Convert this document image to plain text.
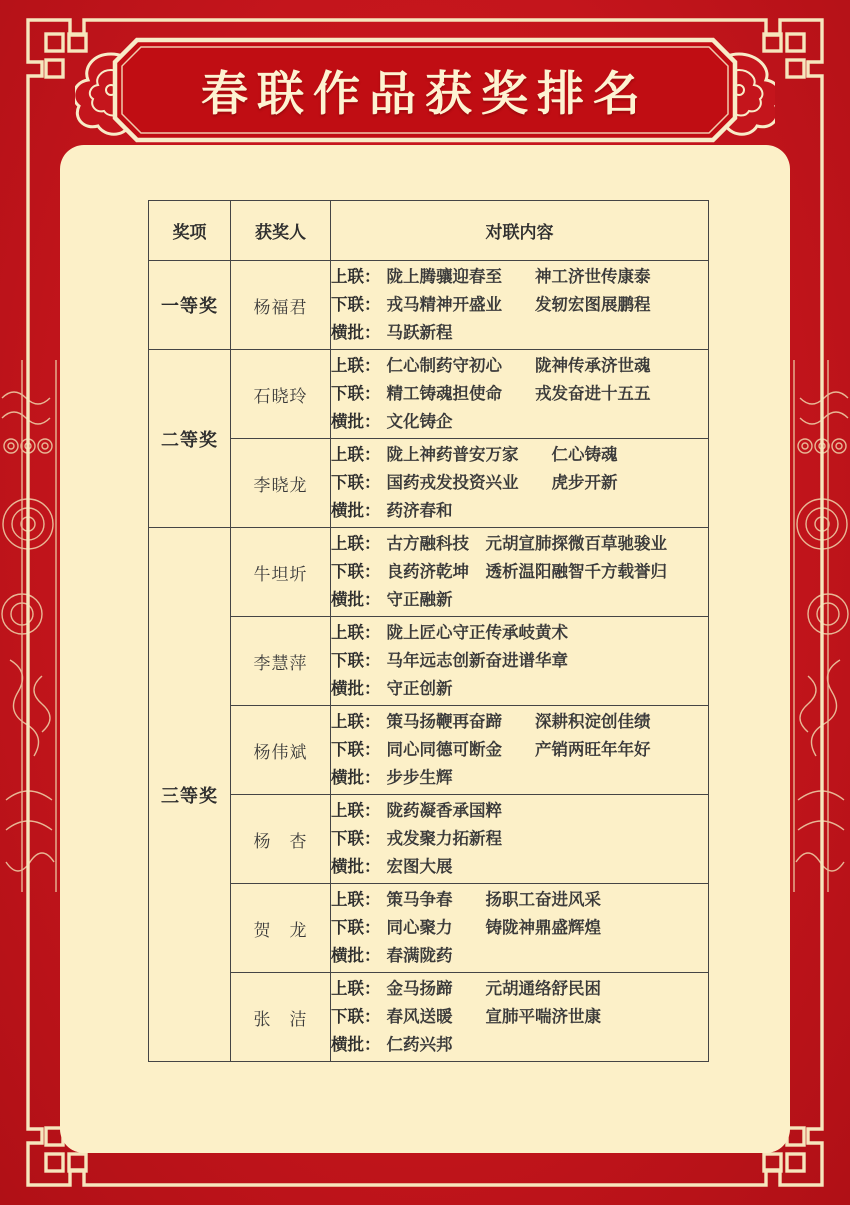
春联作品获奖排名
奖项	获奖人	对联内容
一等奖	杨福君	上联： 陇上腾骧迎春至　　神工济世传康泰
下联： 戎马精神开盛业　　发轫宏图展鹏程
横批： 马跃新程

二等奖	石晓玲	上联： 仁心制药守初心　　陇神传承济世魂
下联： 精工铸魂担使命　　戎发奋进十五五
横批： 文化铸企

	李晓龙	上联： 陇上神药普安万家　　仁心铸魂
下联： 国药戎发投资兴业　　虎步开新
横批： 药济春和

三等奖	牛坦圻	上联： 古方融科技　元胡宣肺探微百草驰骏业
下联： 良药济乾坤　透析温阳融智千方载誉归
横批： 守正融新

	李慧萍	上联： 陇上匠心守正传承岐黄术
下联： 马年远志创新奋进谱华章
横批： 守正创新

	杨伟斌	上联： 策马扬鞭再奋蹄　　深耕积淀创佳绩
下联： 同心同德可断金　　产销两旺年年好
横批： 步步生辉

	杨　杏	上联： 陇药凝香承国粹
下联： 戎发聚力拓新程
横批： 宏图大展

	贺　龙	上联： 策马争春　　扬职工奋进风采
下联： 同心聚力　　铸陇神鼎盛辉煌
横批： 春满陇药

	张　洁	上联： 金马扬蹄　　元胡通络舒民困
下联： 春风送暖　　宣肺平喘济世康
横批： 仁药兴邦
